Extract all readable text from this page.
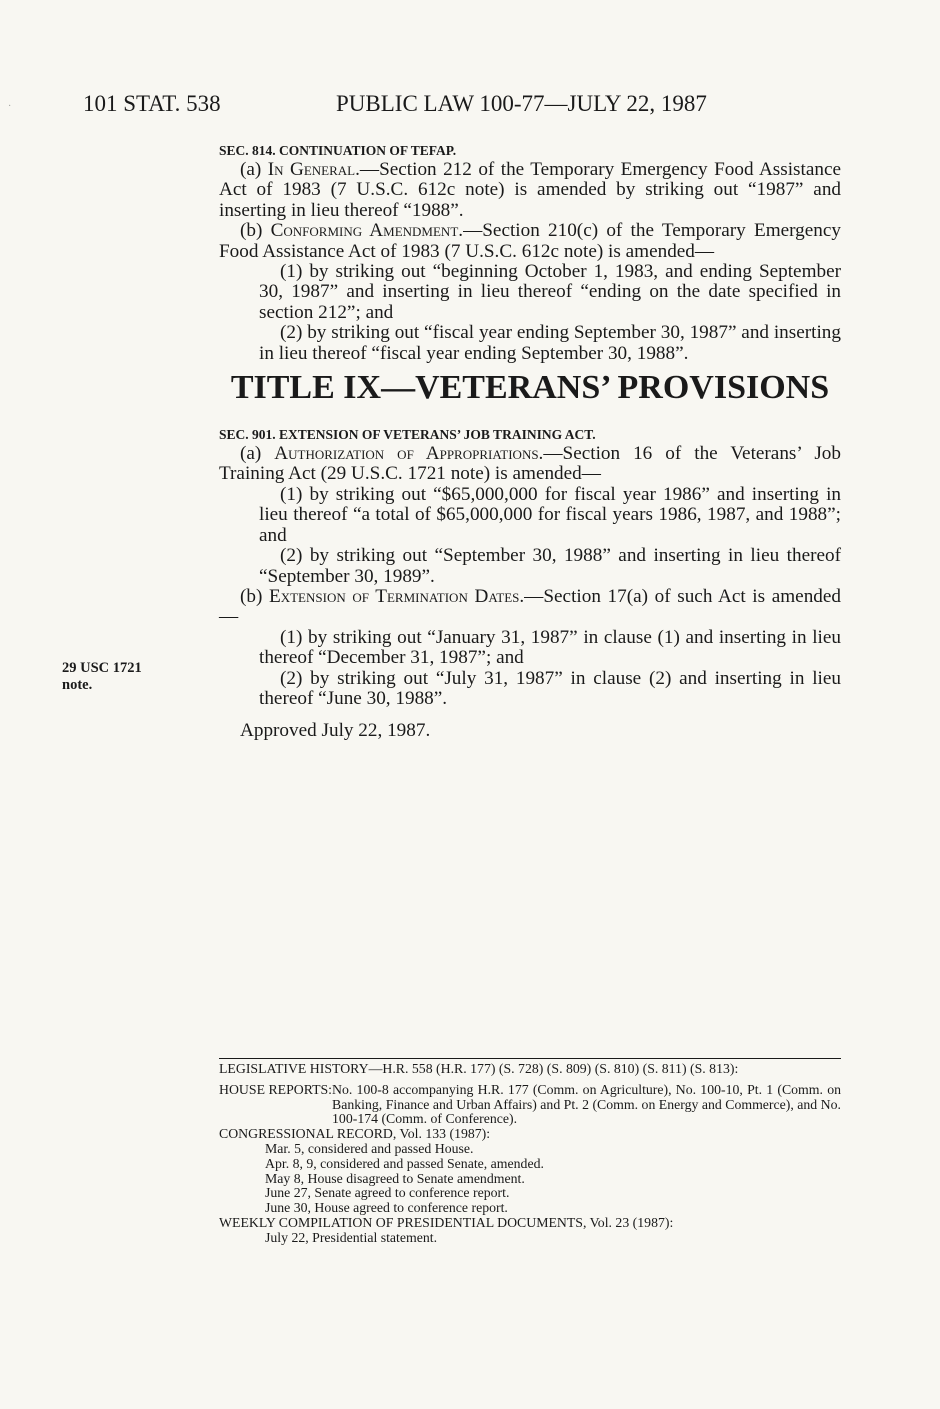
·	101 STAT. 538	PUBLIC LAW 100-77—JULY 22, 1987
29 USC 1721
note.
SEC. 814. CONTINUATION OF TEFAP.

(a) In General.—Section 212 of the Temporary Emergency Food Assistance Act of 1983 (7 U.S.C. 612c note) is amended by striking out “1987” and inserting in lieu thereof “1988”.

(b) Conforming Amendment.—Section 210(c) of the Temporary Emergency Food Assistance Act of 1983 (7 U.S.C. 612c note) is amended—

(1) by striking out “beginning October 1, 1983, and ending September 30, 1987” and inserting in lieu thereof “ending on the date specified in section 212”; and

(2) by striking out “fiscal year ending September 30, 1987” and inserting in lieu thereof “fiscal year ending September 30, 1988”.

TITLE IX—VETERANS’ PROVISIONS
SEC. 901. EXTENSION OF VETERANS’ JOB TRAINING ACT.

(a) Authorization of Appropriations.—Section 16 of the Veterans’ Job Training Act (29 U.S.C. 1721 note) is amended—

(1) by striking out “$65,000,000 for fiscal year 1986” and inserting in lieu thereof “a total of $65,000,000 for fiscal years 1986, 1987, and 1988”; and

(2) by striking out “September 30, 1988” and inserting in lieu thereof “September 30, 1989”.

(b) Extension of Termination Dates.—Section 17(a) of such Act is amended—

(1) by striking out “January 31, 1987” in clause (1) and inserting in lieu thereof “December 31, 1987”; and

(2) by striking out “July 31, 1987” in clause (2) and inserting in lieu thereof “June 30, 1988”.

Approved July 22, 1987.

LEGISLATIVE HISTORY—H.R. 558 (H.R. 177) (S. 728) (S. 809) (S. 810) (S. 811) (S. 813):
HOUSE REPORTS: No. 100-8 accompanying H.R. 177 (Comm. on Agriculture), No. 100-10, Pt. 1 (Comm. on Banking, Finance and Urban Affairs) and Pt. 2 (Comm. on Energy and Commerce), and No. 100-174 (Comm. of Conference).
CONGRESSIONAL RECORD, Vol. 133 (1987):
Mar. 5, considered and passed House.
Apr. 8, 9, considered and passed Senate, amended.
May 8, House disagreed to Senate amendment.
June 27, Senate agreed to conference report.
June 30, House agreed to conference report.
WEEKLY COMPILATION OF PRESIDENTIAL DOCUMENTS, Vol. 23 (1987):
July 22, Presidential statement.
